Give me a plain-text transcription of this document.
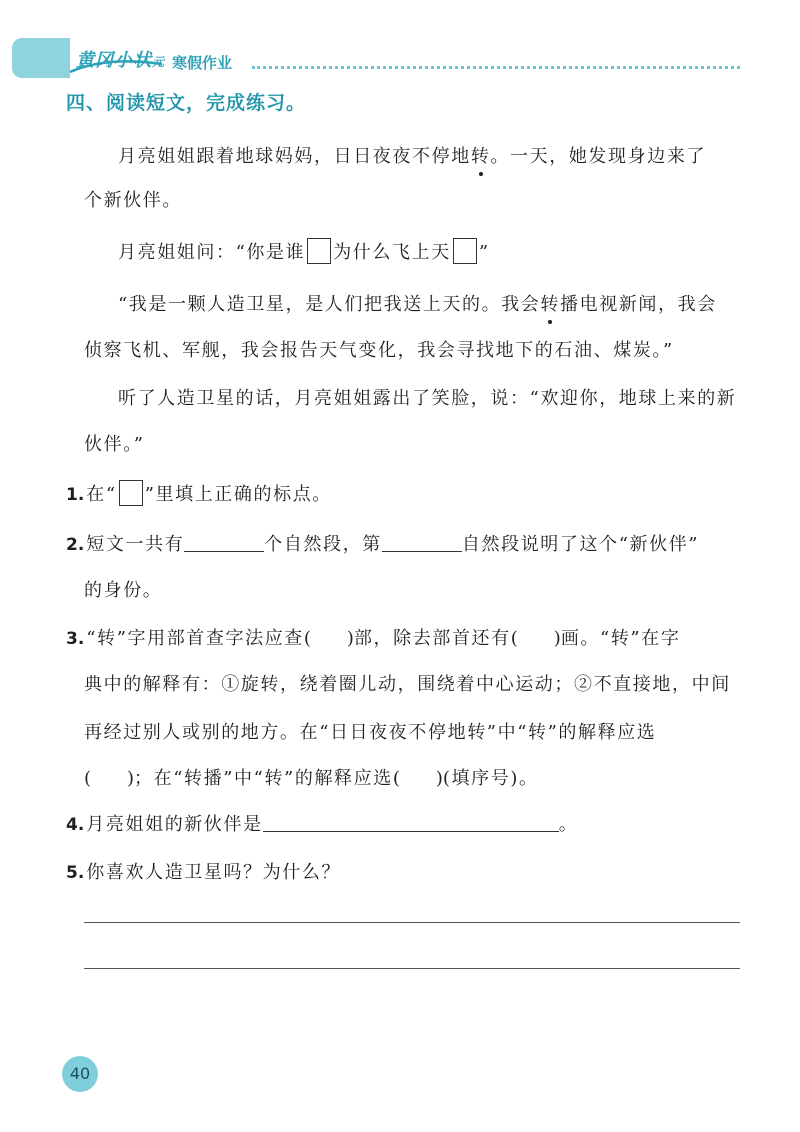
黄冈小状元 寒假作业
四、阅读短文，完成练习。
月亮姐姐跟着地球妈妈，日日夜夜不停地转。一天，她发现身边来了
个新伙伴。
月亮姐姐问：“你是谁 为什么飞上天 ”
“我是一颗人造卫星，是人们把我送上天的。我会转播电视新闻，我会
侦察飞机、军舰，我会报告天气变化，我会寻找地下的石油、煤炭。”
听了人造卫星的话，月亮姐姐露出了笑脸，说：“欢迎你，地球上来的新
伙伴。”
1. 在“ ”里填上正确的标点。
2. 短文一共有	个自然段，第	自然段说明了这个“新伙伴”
的身份。
3. “转”字用部首查字法应查(　　)部，除去部首还有(　　)画。“转”在字
典中的解释有：①旋转，绕着圈儿动，围绕着中心运动；②不直接地，中间
再经过别人或别的地方。在“日日夜夜不停地转”中“转”的解释应选
(　　)；在“转播”中“转”的解释应选(　　)(填序号)。
4. 月亮姐姐的新伙伴是	。
5. 你喜欢人造卫星吗？为什么？
40
